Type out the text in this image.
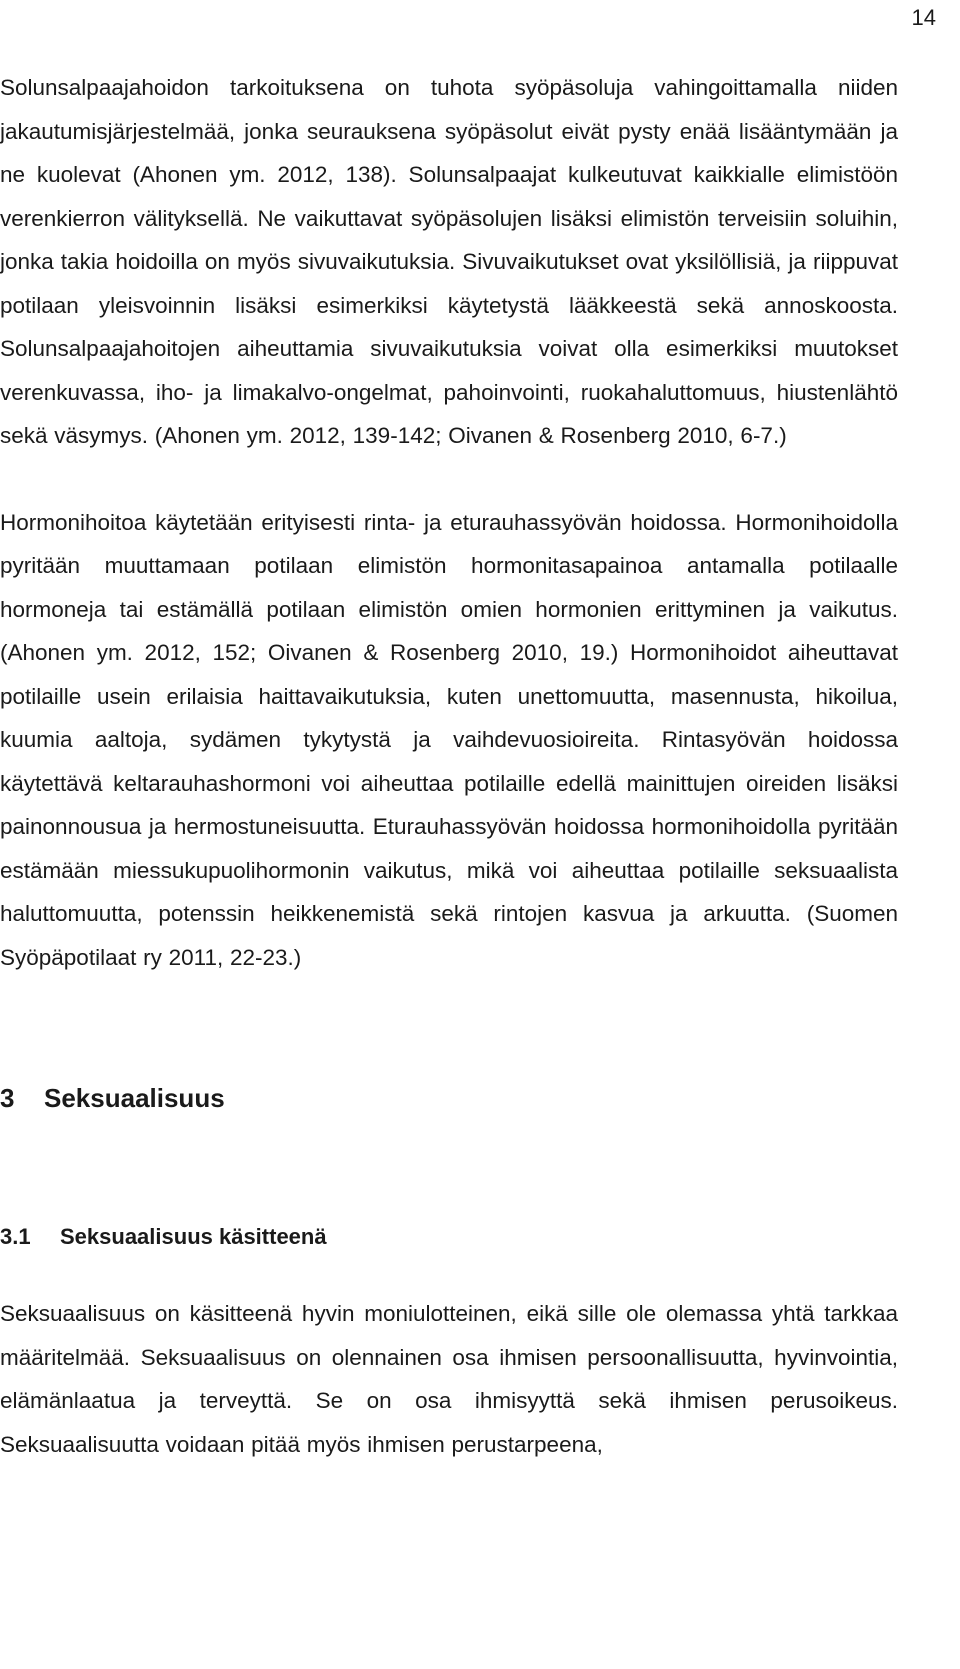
14

Solunsalpaajahoidon tarkoituksena on tuhota syöpäsoluja vahingoittamalla niiden jakautumisjärjestelmää, jonka seurauksena syöpäsolut eivät pysty enää lisääntymään ja ne kuolevat (Ahonen ym. 2012, 138). Solunsalpaajat kulkeutuvat kaikkialle elimistöön verenkierron välityksellä. Ne vaikuttavat syöpäsolujen lisäksi elimistön terveisiin soluihin, jonka takia hoidoilla on myös sivuvaikutuksia. Sivuvaikutukset ovat yksilöllisiä, ja riippuvat potilaan yleisvoinnin lisäksi esimerkiksi käytetystä lääkkeestä sekä annoskoosta. Solunsalpaajahoitojen aiheuttamia sivuvaikutuksia voivat olla esimerkiksi muutokset verenkuvassa, iho- ja limakalvo-ongelmat, pahoinvointi, ruokahaluttomuus, hiustenlähtö sekä väsymys. (Ahonen ym. 2012, 139-142; Oivanen & Rosenberg 2010, 6-7.)

Hormonihoitoa käytetään erityisesti rinta- ja eturauhassyövän hoidossa. Hormonihoidolla pyritään muuttamaan potilaan elimistön hormonitasapainoa antamalla potilaalle hormoneja tai estämällä potilaan elimistön omien hormonien erittyminen ja vaikutus. (Ahonen ym. 2012, 152; Oivanen & Rosenberg 2010, 19.) Hormonihoidot aiheuttavat potilaille usein erilaisia haittavaikutuksia, kuten unettomuutta, masennusta, hikoilua, kuumia aaltoja, sydämen tykytystä ja vaihdevuosioireita. Rintasyövän hoidossa käytettävä keltarauhashormoni voi aiheuttaa potilaille edellä mainittujen oireiden lisäksi painonnousua ja hermostuneisuutta. Eturauhassyövän hoidossa hormonihoidolla pyritään estämään miessukupuolihormonin vaikutus, mikä voi aiheuttaa potilaille seksuaalista haluttomuutta, potenssin heikkenemistä sekä rintojen kasvua ja arkuutta. (Suomen Syöpäpotilaat ry 2011, 22-23.)

3 Seksuaalisuus
3.1 Seksuaalisuus käsitteenä

Seksuaalisuus on käsitteenä hyvin moniulotteinen, eikä sille ole olemassa yhtä tarkkaa määritelmää. Seksuaalisuus on olennainen osa ihmisen persoonallisuutta, hyvinvointia, elämänlaatua ja terveyttä. Se on osa ihmisyyttä sekä ihmisen perusoikeus. Seksuaalisuutta voidaan pitää myös ihmisen perustarpeena,
